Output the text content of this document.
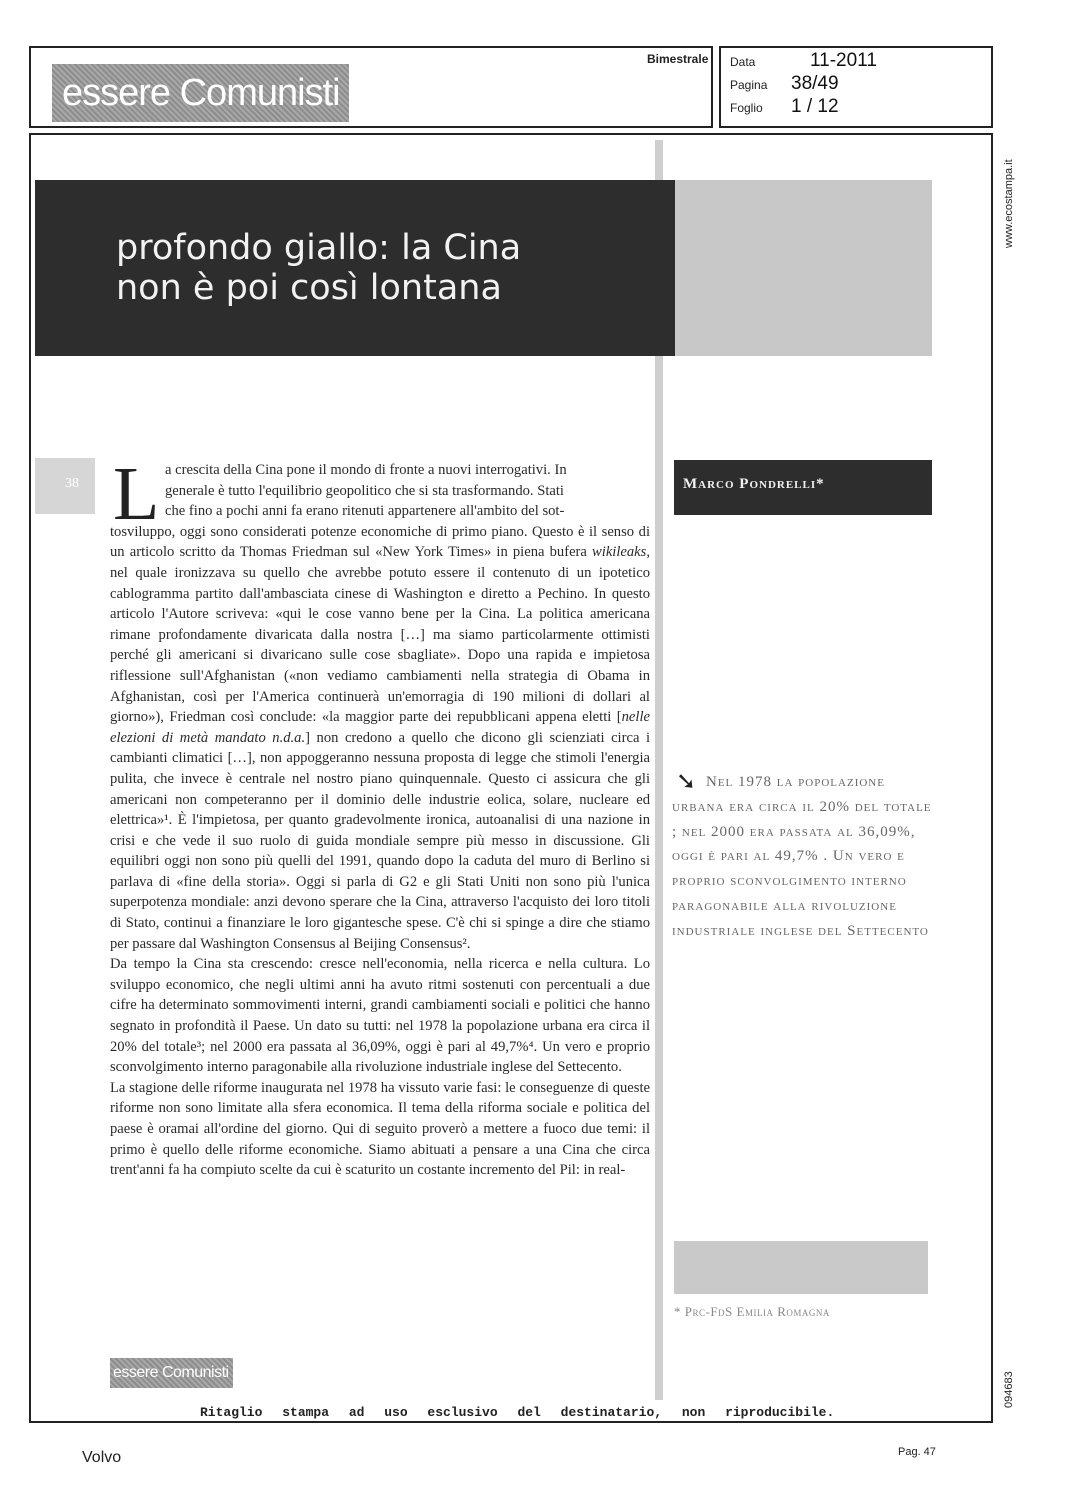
essere Comunisti
Bimestrale Data	11-2011
Pagina 38/49
Foglio 1 / 12
www.ecostampa.it
094683
profondo giallo: la Cina
non è poi così lontana
38 L a crescita della Cina pone il mondo di fronte a nuovi interrogativi. In

generale è tutto l'equilibrio geopolitico che si sta trasformando. Stati

che fino a pochi anni fa erano ritenuti appartenere all'ambito del sot-

tosviluppo, oggi sono considerati potenze economiche di primo piano. Questo è il senso di un articolo scritto da Thomas Friedman sul «New York Times» in piena bufera wikileaks, nel quale ironizzava su quello che avrebbe potuto essere il contenuto di un ipotetico cablogramma partito dall'ambasciata cinese di Washington e diretto a Pechino. In questo articolo l'Autore scriveva: «qui le cose vanno bene per la Cina. La politica americana rimane profondamente divaricata dalla nostra […] ma siamo particolarmente ottimisti perché gli americani si divaricano sulle cose sbagliate». Dopo una rapida e impietosa riflessione sull'Afghanistan («non vediamo cambiamenti nella strategia di Obama in Afghanistan, così per l'America continuerà un'emorragia di 190 milioni di dollari al giorno»), Friedman così conclude: «la maggior parte dei repubblicani appena eletti [nelle elezioni di metà mandato n.d.a.] non credono a quello che dicono gli scienziati circa i cambianti climatici […], non appoggeranno nessuna proposta di legge che stimoli l'energia pulita, che invece è centrale nel nostro piano quinquennale. Questo ci assicura che gli americani non competeranno per il dominio delle industrie eolica, solare, nucleare ed elettrica»¹. È l'impietosa, per quanto gradevolmente ironica, autoanalisi di una nazione in crisi e che vede il suo ruolo di guida mondiale sempre più messo in discussione. Gli equilibri oggi non sono più quelli del 1991, quando dopo la caduta del muro di Berlino si parlava di «fine della storia». Oggi si parla di G2 e gli Stati Uniti non sono più l'unica superpotenza mondiale: anzi devono sperare che la Cina, attraverso l'acquisto dei loro titoli di Stato, continui a finanziare le loro gigantesche spese. C'è chi si spinge a dire che stiamo per passare dal Washington Consensus al Beijing Consensus².

Da tempo la Cina sta crescendo: cresce nell'economia, nella ricerca e nella cultura. Lo sviluppo economico, che negli ultimi anni ha avuto ritmi sostenuti con percentuali a due cifre ha determinato sommovimenti interni, grandi cambiamenti sociali e politici che hanno segnato in profondità il Paese. Un dato su tutti: nel 1978 la popolazione urbana era circa il 20% del totale³; nel 2000 era passata al 36,09%, oggi è pari al 49,7%⁴. Un vero e proprio sconvolgimento interno paragonabile alla rivoluzione industriale inglese del Settecento.

La stagione delle riforme inaugurata nel 1978 ha vissuto varie fasi: le conseguenze di queste riforme non sono limitate alla sfera economica. Il tema della riforma sociale e politica del paese è oramai all'ordine del giorno. Qui di seguito proverò a mettere a fuoco due temi: il primo è quello delle riforme economiche. Siamo abituati a pensare a una Cina che circa trent'anni fa ha compiuto scelte da cui è scaturito un costante incremento del Pil: in real-

Marco Pondrelli*
➘ Nel 1978 la popolazione urbana era circa il 20% del totale ; nel 2000 era passata al 36,09%, oggi è pari al 49,7% . Un vero e proprio sconvolgimento interno paragonabile alla rivoluzione industriale inglese del Settecento
* Prc-FdS Emilia Romagna
essere Comunisti
Ritaglio stampa ad uso esclusivo del destinatario, non riproducibile.
Volvo	Pag. 47
